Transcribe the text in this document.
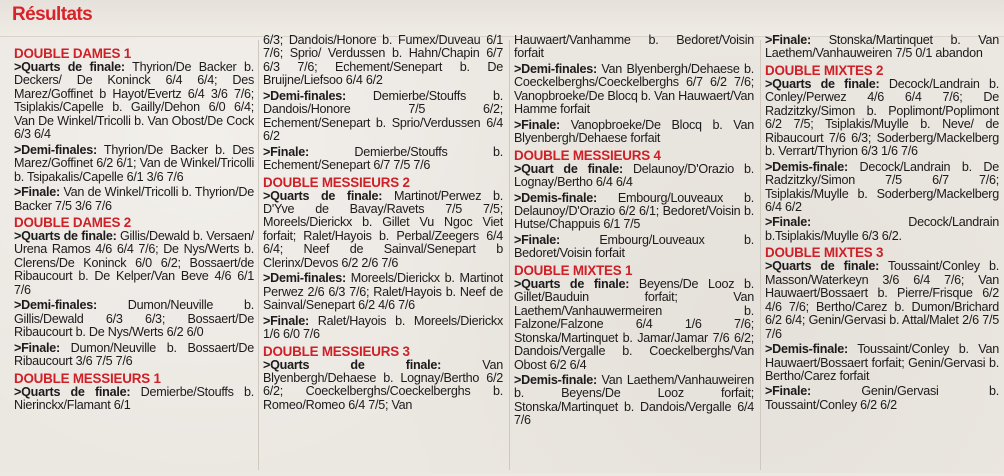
Résultats
DOUBLE DAMES 1
>Quarts de finale: Thyrion/De Backer b. Deckers/ De Koninck 6/4 6/4; Des Marez/Goffinet b Hayot/Evertz 6/4 3/6 7/6; Tsiplakis/Capelle b. Gailly/Dehon 6/0 6/4; Van De Winkel/Tricolli b. Van Obost/De Cock 6/3 6/4
>Demi-finales: Thyrion/De Backer b. Des Marez/Goffinet 6/2 6/1; Van de Winkel/Tricolli b. Tsipakalis/Capelle 6/1 3/6 7/6
>Finale: Van de Winkel/Tricolli b. Thyrion/De Backer 7/5 3/6 7/6
DOUBLE DAMES 2
>Quarts de finale: Gillis/Dewald b. Versaen/ Urena Ramos 4/6 6/4 7/6; De Nys/Werts b. Clerens/De Koninck 6/0 6/2; Bossaert/de Ribaucourt b. De Kelper/Van Beve 4/6 6/1 7/6
>Demi-finales: Dumon/Neuville b. Gillis/Dewald 6/3 6/3; Bossaert/De Ribaucourt b. De Nys/Werts 6/2 6/0
>Finale: Dumon/Neuville b. Bossaert/De Ribaucourt 3/6 7/5 7/6
DOUBLE MESSIEURS 1
>Quarts de finale: Demierbe/Stouffs b. Nierinckx/Flamant 6/1
6/3; Dandois/Honore b. Fumex/Duveau 6/1 7/6; Sprio/ Verdussen b. Hahn/Chapin 6/7 6/3 7/6; Echement/Senepart b. De Bruijne/Liefsoo 6/4 6/2
>Demi-finales: Demierbe/Stouffs b. Dandois/Honore 7/5 6/2; Echement/Senepart b. Sprio/Verdussen 6/4 6/2
>Finale: Demierbe/Stouffs b. Echement/Senepart 6/7 7/5 7/6
DOUBLE MESSIEURS 2
>Quarts de finale: Martinot/Perwez b. D'Yve de Bavay/Ravets 7/5 7/5; Moreels/Dierickx b. Gillet Vu Ngoc Viet forfait; Ralet/Hayois b. Perbal/Zeegers 6/4 6/4; Neef de Sainval/Senepart b Clerinx/Devos 6/2 2/6 7/6
>Demi-finales: Moreels/Dierickx b. Martinot Perwez 2/6 6/3 7/6; Ralet/Hayois b. Neef de Sainval/Senepart 6/2 4/6 7/6
>Finale: Ralet/Hayois b. Moreels/Dierickx 1/6 6/0 7/6
DOUBLE MESSIEURS 3
>Quarts de finale: Van Blyenbergh/Dehaese b. Lognay/Bertho 6/2 6/2; Coeckelberghs/Coeckelberghs b. Romeo/Romeo 6/4 7/5; Van
Hauwaert/Vanhamme b. Bedoret/Voisin forfait
>Demi-finales: Van Blyenbergh/Dehaese b. Coeckelberghs/Coeckelberghs 6/7 6/2 7/6; Vanopbroeke/De Blocq b. Van Hauwaert/Van Hamme forfait
>Finale: Vanopbroeke/De Blocq b. Van Blyenbergh/Dehaese forfait
DOUBLE MESSIEURS 4
>Quart de finale: Delaunoy/D'Orazio b. Lognay/Bertho 6/4 6/4
>Demis-finale: Embourg/Louveaux b. Delaunoy/D'Orazio 6/2 6/1; Bedoret/Voisin b. Hutse/Chappuis 6/1 7/5
>Finale: Embourg/Louveaux b. Bedoret/Voisin forfait
DOUBLE MIXTES 1
>Quarts de finale: Beyens/De Looz b. Gillet/Bauduin forfait; Van Laethem/Vanhauwermeiren b. Falzone/Falzone 6/4 1/6 7/6; Stonska/Martinquet b. Jamar/Jamar 7/6 6/2; Dandois/Vergalle b. Coeckelberghs/Van Obost 6/2 6/4
>Demis-finale: Van Laethem/Vanhauweiren b. Beyens/De Looz forfait; Stonska/Martinquet b. Dandois/Vergalle 6/4 7/6
>Finale: Stonska/Martinquet b. Van Laethem/Vanhauweiren 7/5 0/1 abandon
DOUBLE MIXTES 2
>Quarts de finale: Decock/Landrain b. Conley/Perwez 4/6 6/4 7/6; De Radzitzky/Simon b. Poplimont/Poplimont 6/2 7/5; Tsiplakis/Muylle b. Neve/ de Ribaucourt 7/6 6/3; Soderberg/Mackelberg b. Verrart/Thyrion 6/3 1/6 7/6
>Demis-finale: Decock/Landrain b. De Radzitzky/Simon 7/5 6/7 7/6; Tsiplakis/Muylle b. Soderberg/Mackelberg 6/4 6/2
>Finale: Decock/Landrain b.Tsiplakis/Muylle 6/3 6/2.
DOUBLE MIXTES 3
>Quarts de finale: Toussaint/Conley b. Masson/Waterkeyn 3/6 6/4 7/6; Van Hauwaert/Bossaert b. Pierre/Frisque 6/2 4/6 7/6; Bertho/Carez b. Dumon/Brichard 6/2 6/4; Genin/Gervasi b. Attal/Malet 2/6 7/5 7/6
>Demis-finale: Toussaint/Conley b. Van Hauwaert/Bossaert forfait; Genin/Gervasi b. Bertho/Carez forfait
>Finale: Genin/Gervasi b. Toussaint/Conley 6/2 6/2
